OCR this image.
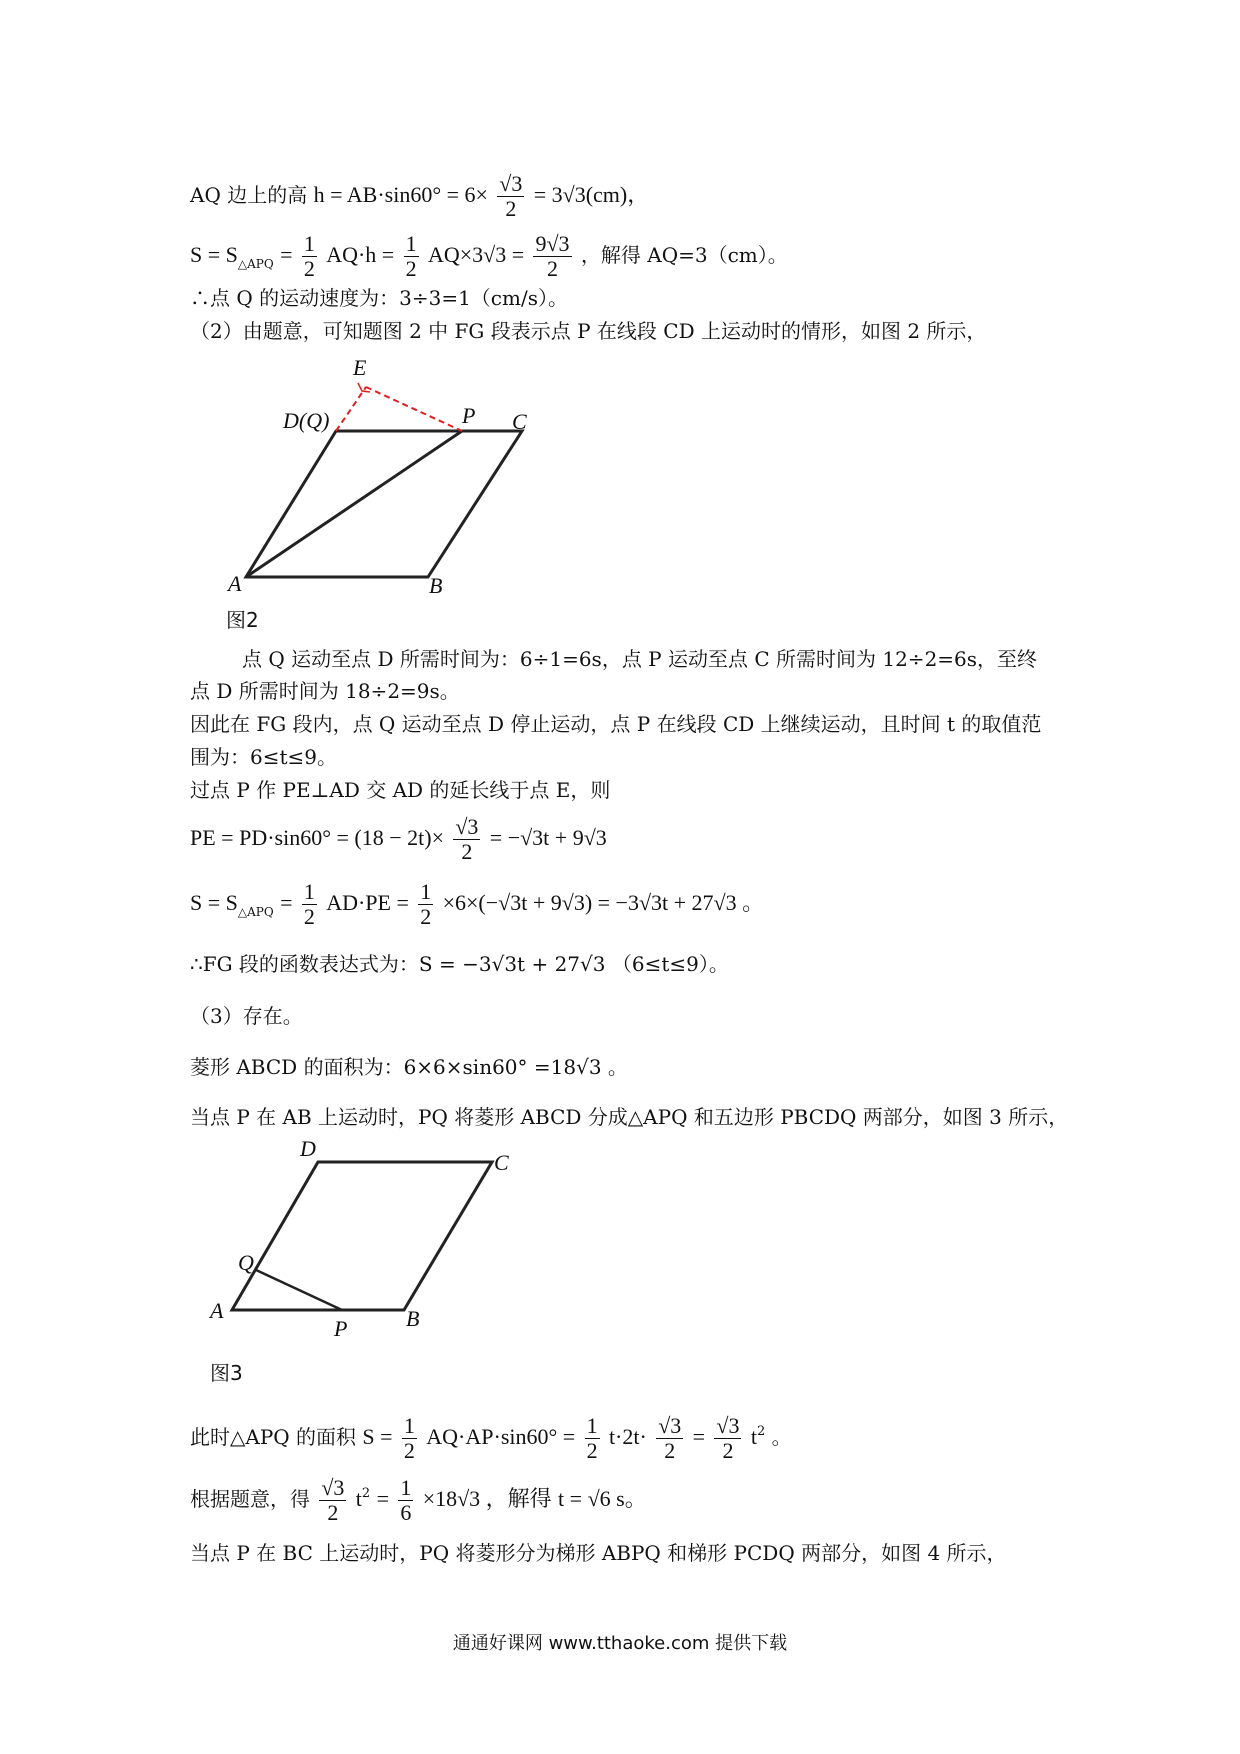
AQ 边上的高 $h = AB\cdot\sin 60^\circ = 6\times \frac{√3}{2} = 3√3(cm)$，
$S = S_{\triangle APQ} = \frac{1}{2} AQ\cdot h = \frac{1}{2} AQ\times 3√3 = \frac{9√3}{2}$ ，解得 AQ=3（cm）。
∴点 Q 的运动速度为：3÷3=1（cm/s）。
（2）由题意，可知题图 2 中 FG 段表示点 P 在线段 CD 上运动时的情形，如图 2 所示，
E
D(Q)	P C
A	B
图2
点 Q 运动至点 D 所需时间为：6÷1=6s，点 P 运动至点 C 所需时间为 12÷2=6s，至终
点 D 所需时间为 18÷2=9s。
因此在 FG 段内，点 Q 运动至点 D 停止运动，点 P 在线段 CD 上继续运动，且时间 t 的取值范
围为：6≤t≤9。
过点 P 作 PE⊥AD 交 AD 的延长线于点 E，则
PE = $PD\cdot\sin 60^\circ = (18 - 2t)\times \frac{√3}{2} = -√3t + 9√3$
$S = S_{\triangle APQ} = \frac{1}{2} AD\cdot PE = \frac{1}{2} \times 6\times(-√3t + 9√3) = -3√3t + 27√3$ 。
∴FG 段的函数表达式为：S = −3√3t + 27√3 （6≤t≤9）。
（3）存在。
菱形 ABCD 的面积为：6×6×sin60° =18√3 。
当点 P 在 AB 上运动时，PQ 将菱形 ABCD 分成△APQ 和五边形 PBCDQ 两部分，如图 3 所示，
D
C
Q
A
P	B
图3
此时△APQ 的面积 $S = \frac{1}{2} AQ\cdot AP\cdot\sin 60^\circ = \frac{1}{2} t\cdot 2t\cdot \frac{√3}{2} = \frac{√3}{2} t^2$ 。
根据题意，得 $\frac{√3}{2} t^2 = \frac{1}{6} \times 18√3$ ，解得 t = √6 s。
当点 P 在 BC 上运动时，PQ 将菱形分为梯形 ABPQ 和梯形 PCDQ 两部分，如图 4 所示，
通通好课网 www.tthaoke.com 提供下载
